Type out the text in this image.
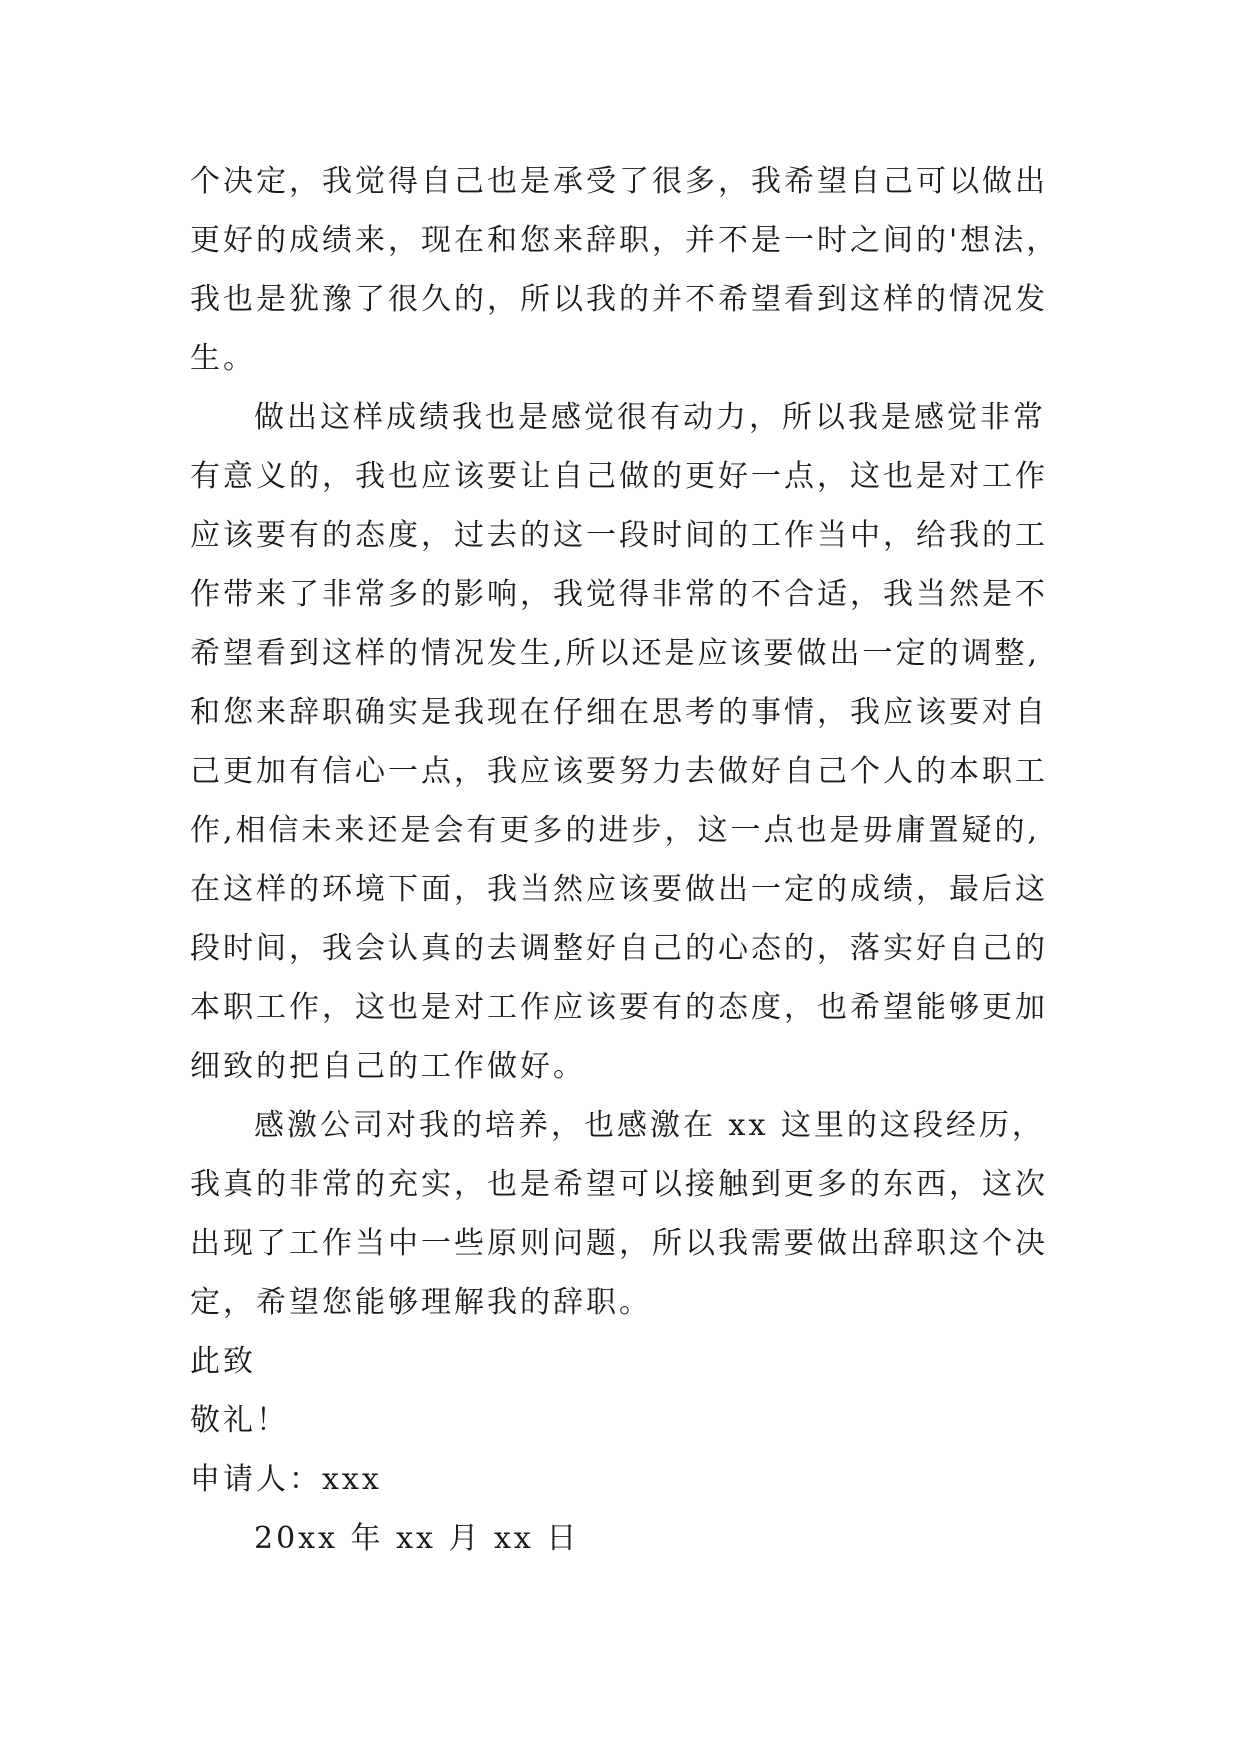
个决定，我觉得自己也是承受了很多，我希望自己可以做出
更好的成绩来，现在和您来辞职，并不是一时之间的'想法，
我也是犹豫了很久的，所以我的并不希望看到这样的情况发
生。
做出这样成绩我也是感觉很有动力，所以我是感觉非常
有意义的，我也应该要让自己做的更好一点，这也是对工作
应该要有的态度，过去的这一段时间的工作当中，给我的工
作带来了非常多的影响，我觉得非常的不合适，我当然是不
希望看到这样的情况发生,所以还是应该要做出一定的调整,
和您来辞职确实是我现在仔细在思考的事情，我应该要对自
己更加有信心一点，我应该要努力去做好自己个人的本职工
作,相信未来还是会有更多的进步，这一点也是毋庸置疑的,
在这样的环境下面，我当然应该要做出一定的成绩，最后这
段时间，我会认真的去调整好自己的心态的，落实好自己的
本职工作，这也是对工作应该要有的态度，也希望能够更加
细致的把自己的工作做好。
感激公司对我的培养，也感激在 xx 这里的这段经历，
我真的非常的充实，也是希望可以接触到更多的东西，这次
出现了工作当中一些原则问题，所以我需要做出辞职这个决
定，希望您能够理解我的辞职。
此致
敬礼！
申请人：xxx
20xx 年 xx 月 xx 日
